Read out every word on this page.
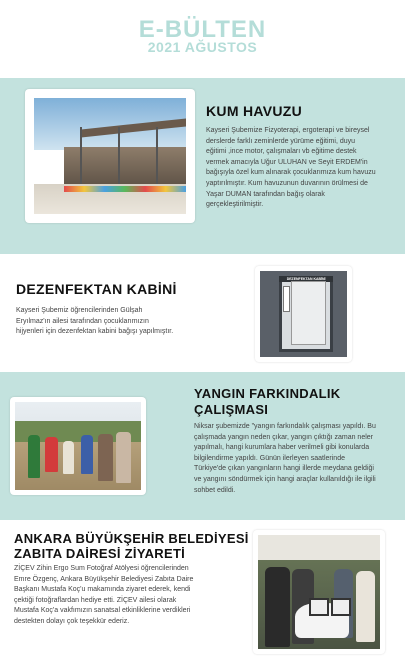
E-BÜLTEN
2021 AĞUSTOS
KUM HAVUZU
Kayseri Şubemize Fizyoterapi, ergoterapi ve bireysel derslerde farklı zeminlerde yürüme eğitimi, duyu eğitimi ,ince motor, çalışmaları vb eğitime destek vermek amacıyla Uğur ULUHAN ve Seyit ERDEM'in bağışıyla özel kum alınarak çocuklarımıza kum havuzu yaptırılmıştır. Kum havuzunun duvarının örülmesi de Yaşar DUMAN tarafından bağış olarak gerçekleştirilmiştir.
DEZENFEKTAN KABİNİ
Kayseri Şubemiz öğrencilerinden Gülşah Eryılmaz'ın ailesi tarafından çocuklarımızın hijyenleri için dezenfektan kabini bağışı yapılmıştır.
DEZENFEKTAN KABİNİ
YANGIN FARKINDALIK
ÇALIŞMASI
Niksar şubemizde "yangın farkındalık çalışması yapıldı. Bu çalışmada yangın neden çıkar, yangın çıktığı zaman neler yapılmalı, hangi kurumlara haber verilmeli gibi konularda bilgilendirme yapıldı. Günün ilerleyen saatlerinde Türkiye'de çıkan yangınların hangi illerde meydana geldiği ve yangını söndürmek için hangi araçlar kullanıldığı ile ilgili sohbet edildi.
ANKARA BÜYÜKŞEHİR BELEDİYESİ
ZABITA DAİRESİ ZİYARETİ
ZİÇEV Zihin Ergo Sum Fotoğraf Atölyesi öğrencilerinden Emre Özgenç, Ankara Büyükşehir Belediyesi Zabıta Daire Başkanı Mustafa Koç'u makamında ziyaret ederek, kendi çektiği fotoğraflardan hediye etti. ZİÇEV ailesi olarak Mustafa Koç'a vakfımızın sanatsal etkinliklerine verdikleri destekten dolayı çok teşekkür ederiz.
